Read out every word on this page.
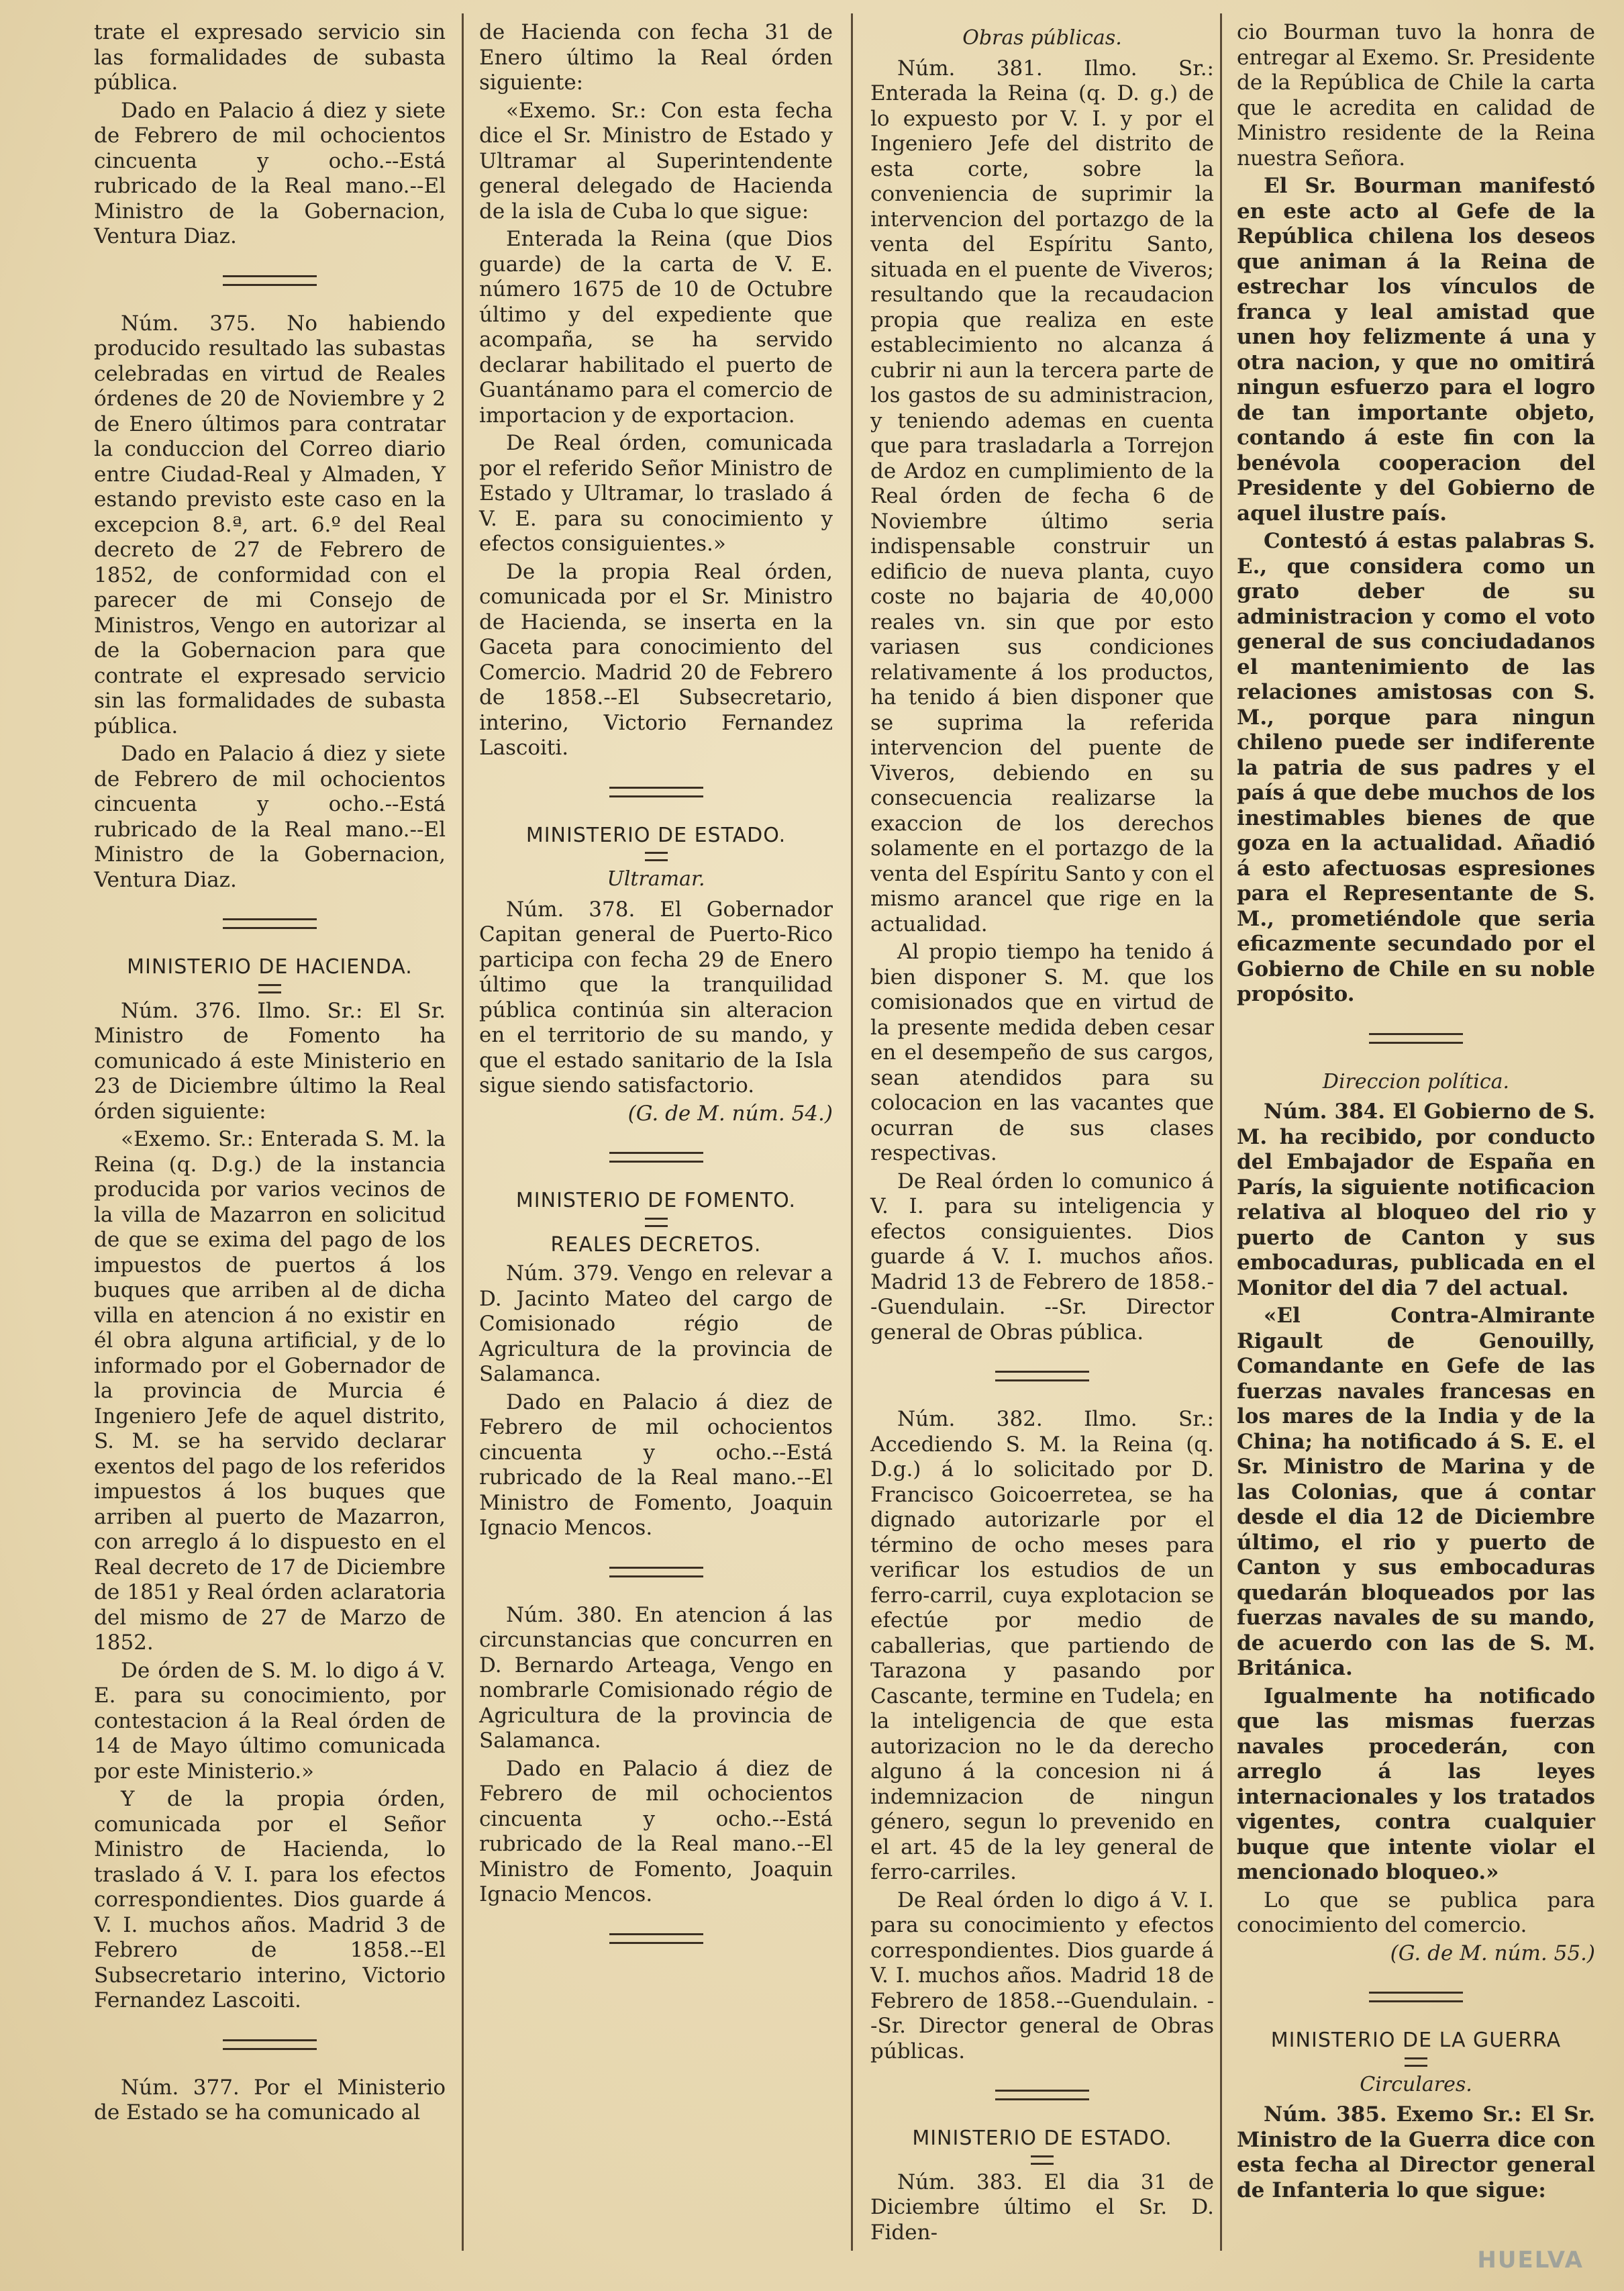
trate el expresado servicio sin las formalidades de subasta pública.

Dado en Palacio á diez y siete de Febrero de mil ochocientos cincuenta y ocho.--Está rubricado de la Real mano.--El Ministro de la Gobernacion, Ventura Diaz.

Núm. 375. No habiendo producido resultado las subastas celebradas en virtud de Reales órdenes de 20 de Noviembre y 2 de Enero últimos para contratar la conduccion del Correo diario entre Ciudad-Real y Almaden, Y estando previsto este caso en la excepcion 8.ª, art. 6.º del Real decreto de 27 de Febrero de 1852, de conformidad con el parecer de mi Consejo de Ministros, Vengo en autorizar al de la Gobernacion para que contrate el expresado servicio sin las formalidades de subasta pública.

Dado en Palacio á diez y siete de Febrero de mil ochocientos cincuenta y ocho.--Está rubricado de la Real mano.--El Ministro de la Gobernacion, Ventura Diaz.

MINISTERIO DE HACIENDA.

Núm. 376. Ilmo. Sr.: El Sr. Ministro de Fomento ha comunicado á este Ministerio en 23 de Diciembre último la Real órden siguiente:

«Exemo. Sr.: Enterada S. M. la Reina (q. D.g.) de la instancia producida por varios vecinos de la villa de Mazarron en solicitud de que se exima del pago de los impuestos de puertos á los buques que arriben al de dicha villa en atencion á no existir en él obra alguna artificial, y de lo informado por el Gobernador de la provincia de Murcia é Ingeniero Jefe de aquel distrito, S. M. se ha servido declarar exentos del pago de los referidos impuestos á los buques que arriben al puerto de Mazarron, con arreglo á lo dispuesto en el Real decreto de 17 de Diciembre de 1851 y Real órden aclaratoria del mismo de 27 de Marzo de 1852.

De órden de S. M. lo digo á V. E. para su conocimiento, por contestacion á la Real órden de 14 de Mayo último comunicada por este Ministerio.»

Y de la propia órden, comunicada por el Señor Ministro de Hacienda, lo traslado á V. I. para los efectos correspondientes. Dios guarde á V. I. muchos años. Madrid 3 de Febrero de 1858.--El Subsecretario interino, Victorio Fernandez Lascoiti.

Núm. 377. Por el Ministerio de Estado se ha comunicado al

de Hacienda con fecha 31 de Enero último la Real órden siguiente:

«Exemo. Sr.: Con esta fecha dice el Sr. Ministro de Estado y Ultramar al Superintendente general delegado de Hacienda de la isla de Cuba lo que sigue:

Enterada la Reina (que Dios guarde) de la carta de V. E. número 1675 de 10 de Octubre último y del expediente que acompaña, se ha servido declarar habilitado el puerto de Guantánamo para el comercio de importacion y de exportacion.

De Real órden, comunicada por el referido Señor Ministro de Estado y Ultramar, lo traslado á V. E. para su conocimiento y efectos consiguientes.»

De la propia Real órden, comunicada por el Sr. Ministro de Hacienda, se inserta en la Gaceta para conocimiento del Comercio. Madrid 20 de Febrero de 1858.--El Subsecretario, interino, Victorio Fernandez Lascoiti.

MINISTERIO DE ESTADO.
Ultramar.

Núm. 378. El Gobernador Capitan general de Puerto-Rico participa con fecha 29 de Enero último que la tranquilidad pública continúa sin alteracion en el territorio de su mando, y que el estado sanitario de la Isla sigue siendo satisfactorio.

(G. de M. núm. 54.)
MINISTERIO DE FOMENTO.
REALES DECRETOS.

Núm. 379. Vengo en relevar a D. Jacinto Mateo del cargo de Comisionado régio de Agricultura de la provincia de Salamanca.

Dado en Palacio á diez de Febrero de mil ochocientos cincuenta y ocho.--Está rubricado de la Real mano.--El Ministro de Fomento, Joaquin Ignacio Mencos.

Núm. 380. En atencion á las circunstancias que concurren en D. Bernardo Arteaga, Vengo en nombrarle Comisionado régio de Agricultura de la provincia de Salamanca.

Dado en Palacio á diez de Febrero de mil ochocientos cincuenta y ocho.--Está rubricado de la Real mano.--El Ministro de Fomento, Joaquin Ignacio Mencos.

Obras públicas.

Núm. 381. Ilmo. Sr.: Enterada la Reina (q. D. g.) de lo expuesto por V. I. y por el Ingeniero Jefe del distrito de esta corte, sobre la conveniencia de suprimir la intervencion del portazgo de la venta del Espíritu Santo, situada en el puente de Viveros; resultando que la recaudacion propia que realiza en este establecimiento no alcanza á cubrir ni aun la tercera parte de los gastos de su administracion, y teniendo ademas en cuenta que para trasladarla a Torrejon de Ardoz en cumplimiento de la Real órden de fecha 6 de Noviembre último seria indispensable construir un edificio de nueva planta, cuyo coste no bajaria de 40,000 reales vn. sin que por esto variasen sus condiciones relativamente á los productos, ha tenido á bien disponer que se suprima la referida intervencion del puente de Viveros, debiendo en su consecuencia realizarse la exaccion de los derechos solamente en el portazgo de la venta del Espíritu Santo y con el mismo arancel que rige en la actualidad.

Al propio tiempo ha tenido á bien disponer S. M. que los comisionados que en virtud de la presente medida deben cesar en el desempeño de sus cargos, sean atendidos para su colocacion en las vacantes que ocurran de sus clases respectivas.

De Real órden lo comunico á V. I. para su inteligencia y efectos consiguientes. Dios guarde á V. I. muchos años. Madrid 13 de Febrero de 1858.--Guendulain. --Sr. Director general de Obras pública.

Núm. 382. Ilmo. Sr.: Accediendo S. M. la Reina (q. D.g.) á lo solicitado por D. Francisco Goicoerretea, se ha dignado autorizarle por el término de ocho meses para verificar los estudios de un ferro-carril, cuya explotacion se efectúe por medio de caballerias, que partiendo de Tarazona y pasando por Cascante, termine en Tudela; en la inteligencia de que esta autorizacion no le da derecho alguno á la concesion ni á indemnizacion de ningun género, segun lo prevenido en el art. 45 de la ley general de ferro-carriles.

De Real órden lo digo á V. I. para su conocimiento y efectos correspondientes. Dios guarde á V. I. muchos años. Madrid 18 de Febrero de 1858.--Guendulain. --Sr. Director general de Obras públicas.

MINISTERIO DE ESTADO.

Núm. 383. El dia 31 de Diciembre último el Sr. D. Fiden-

cio Bourman tuvo la honra de entregar al Exemo. Sr. Presidente de la República de Chile la carta que le acredita en calidad de Ministro residente de la Reina nuestra Señora.

El Sr. Bourman manifestó en este acto al Gefe de la República chilena los deseos que animan á la Reina de estrechar los vínculos de franca y leal amistad que unen hoy felizmente á una y otra nacion, y que no omitirá ningun esfuerzo para el logro de tan importante objeto, contando á este fin con la benévola cooperacion del Presidente y del Gobierno de aquel ilustre país.

Contestó á estas palabras S. E., que considera como un grato deber de su administracion y como el voto general de sus conciudadanos el mantenimiento de las relaciones amistosas con S. M., porque para ningun chileno puede ser indiferente la patria de sus padres y el país á que debe muchos de los inestimables bienes de que goza en la actualidad. Añadió á esto afectuosas espresiones para el Representante de S. M., prometiéndole que seria eficazmente secundado por el Gobierno de Chile en su noble propósito.

Direccion política.

Núm. 384. El Gobierno de S. M. ha recibido, por conducto del Embajador de España en París, la siguiente notificacion relativa al bloqueo del rio y puerto de Canton y sus embocaduras, publicada en el Monitor del dia 7 del actual.

«El Contra-Almirante Rigault de Genouilly, Comandante en Gefe de las fuerzas navales francesas en los mares de la India y de la China; ha notificado á S. E. el Sr. Ministro de Marina y de las Colonias, que á contar desde el dia 12 de Diciembre último, el rio y puerto de Canton y sus embocaduras quedarán bloqueados por las fuerzas navales de su mando, de acuerdo con las de S. M. Británica.

Igualmente ha notificado que las mismas fuerzas navales procederán, con arreglo á las leyes internacionales y los tratados vigentes, contra cualquier buque que intente violar el mencionado bloqueo.»

Lo que se publica para conocimiento del comercio.

(G. de M. núm. 55.)
MINISTERIO DE LA GUERRA
Circulares.

Núm. 385. Exemo Sr.: El Sr. Ministro de la Guerra dice con esta fecha al Director general de Infanteria lo que sigue:

HUELVA
